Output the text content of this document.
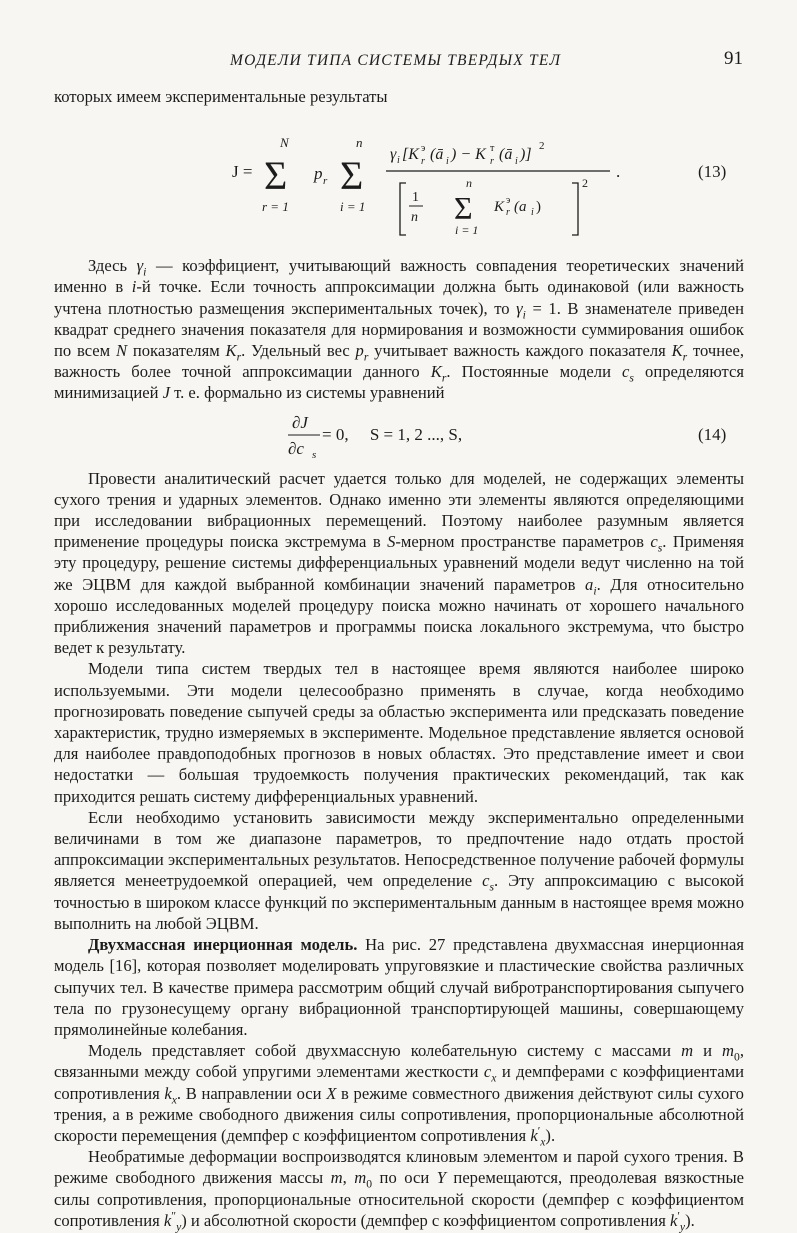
МОДЕЛИ ТИПА СИСТЕМЫ ТВЕРДЫХ ТЕЛ	91

которых имеем экспериментальные результаты

J =
N
Σ
r = 1
p r
n
Σ
i = 1
γ i [K э
r (ā i ) − K т
r (ā i )] 2
1
n
n
Σ
i = 1
K э
r (a i )
2
.	(13)

Здесь $\gamma_i$ — коэффициент, учитывающий важность совпадения теоретических значений именно в i-й точке. Если точность аппроксимации должна быть одинаковой (или важность учтена плотностью размещения экспериментальных точек), то $\gamma_i = 1$. В знаменателе приведен квадрат среднего значения показателя для нормирования и возможности суммирования ошибок по всем N показателям $K_r$. Удельный вес $p_r$ учитывает важность каждого показателя $K_r$ точнее, важность более точной аппроксимации данного $K_r$. Постоянные модели $c_s$ определяются минимизацией J т. е. формально из системы уравнений

∂J
∂c s
= 0,     S = 1, 2 ..., S,	(14)

Провести аналитический расчет удается только для моделей, не содержащих элементы сухого трения и ударных элементов. Однако именно эти элементы являются определяющими при исследовании вибрационных перемещений. Поэтому наиболее разумным является применение процедуры поиска экстремума в S-мерном пространстве параметров $c_s$. Применяя эту процедуру, решение системы дифференциальных уравнений модели ведут численно на той же ЭЦВМ для каждой выбранной комбинации значений параметров $a_i$. Для относительно хорошо исследованных моделей процедуру поиска можно начинать от хорошего начального приближения значений параметров и программы поиска локального экстремума, что быстро ведет к результату.

Модели типа систем твердых тел в настоящее время являются наиболее широко используемыми. Эти модели целесообразно применять в случае, когда необходимо прогнозировать поведение сыпучей среды за областью эксперимента или предсказать поведение характеристик, трудно измеряемых в эксперименте. Модельное представление является основой для наиболее правдоподобных прогнозов в новых областях. Это представление имеет и свои недостатки — большая трудоемкость получения практических рекомендаций, так как приходится решать систему дифференциальных уравнений.

Если необходимо установить зависимости между экспериментально определенными величинами в том же диапазоне параметров, то предпочтение надо отдать простой аппроксимации экспериментальных результатов. Непосредственное получение рабочей формулы является менеетрудоемкой операцией, чем определение $c_s$. Эту аппроксимацию с высокой точностью в широком классе функций по экспериментальным данным в настоящее время можно выполнить на любой ЭЦВМ.

Двухмассная инерционная модель. На рис. 27 представлена двухмассная инерционная модель [16], которая позволяет моделировать упруговязкие и пластические свойства различных сыпучих тел. В качестве примера рассмотрим общий случай вибротранспортирования сыпучего тела по грузонесущему органу вибрационной транспортирующей машины, совершающему прямолинейные колебания.

Модель представляет собой двухмассную колебательную систему с массами m и $m_0$, связанными между собой упругими элементами жесткости $c_x$ и демпферами с коэффициентами сопротивления $k_x$. В направлении оси X в режиме совместного движения действуют силы сухого трения, а в режиме свободного движения силы сопротивления, пропорциональные абсолютной скорости перемещения (демпфер с коэффициентом сопротивления $k'_x$).

Необратимые деформации воспроизводятся клиновым элементом и парой сухого трения. В режиме свободного движения массы m, $m_0$ по оси Y перемещаются, преодолевая вязкостные силы сопротивления, пропорциональные относительной скорости (демпфер с коэффициентом сопротивления $k''_y$) и абсолютной скорости (демпфер с коэффициентом сопротивления $k'_y$).
